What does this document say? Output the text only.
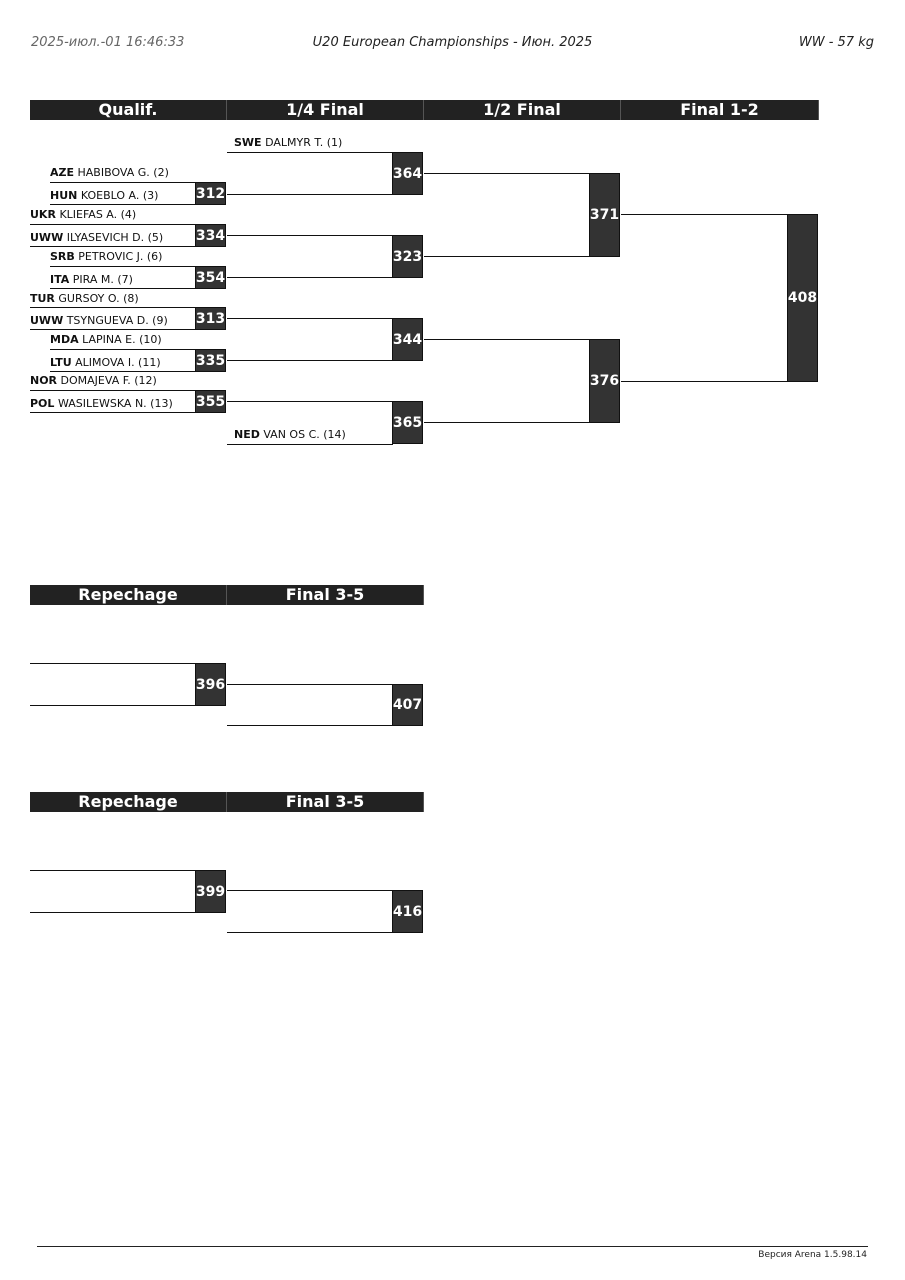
2025-июл.-01 16:46:33	U20 European Championships - Июн. 2025	WW - 57 kg
Qualif.	1/4 Final	1/2 Final	Final 1-2
SWE DALMYR T. (1)
AZE HABIBOVA G. (2)
HUN KOEBLO A. (3)
UKR KLIEFAS A. (4)
UWW ILYASEVICH D. (5)
SRB PETROVIC J. (6)
ITA PIRA M. (7)
TUR GURSOY O. (8)
UWW TSYNGUEVA D. (9)
MDA LAPINA E. (10)
LTU ALIMOVA I. (11)
NOR DOMAJEVA F. (12)
POL WASILEWSKA N. (13)
NED VAN OS C. (14)
312
334
354
313
335
355
364
323
344
365
371
376
408
Repechage	Final 3-5
396
407
Repechage	Final 3-5
399
416
Версия Arena 1.5.98.14
